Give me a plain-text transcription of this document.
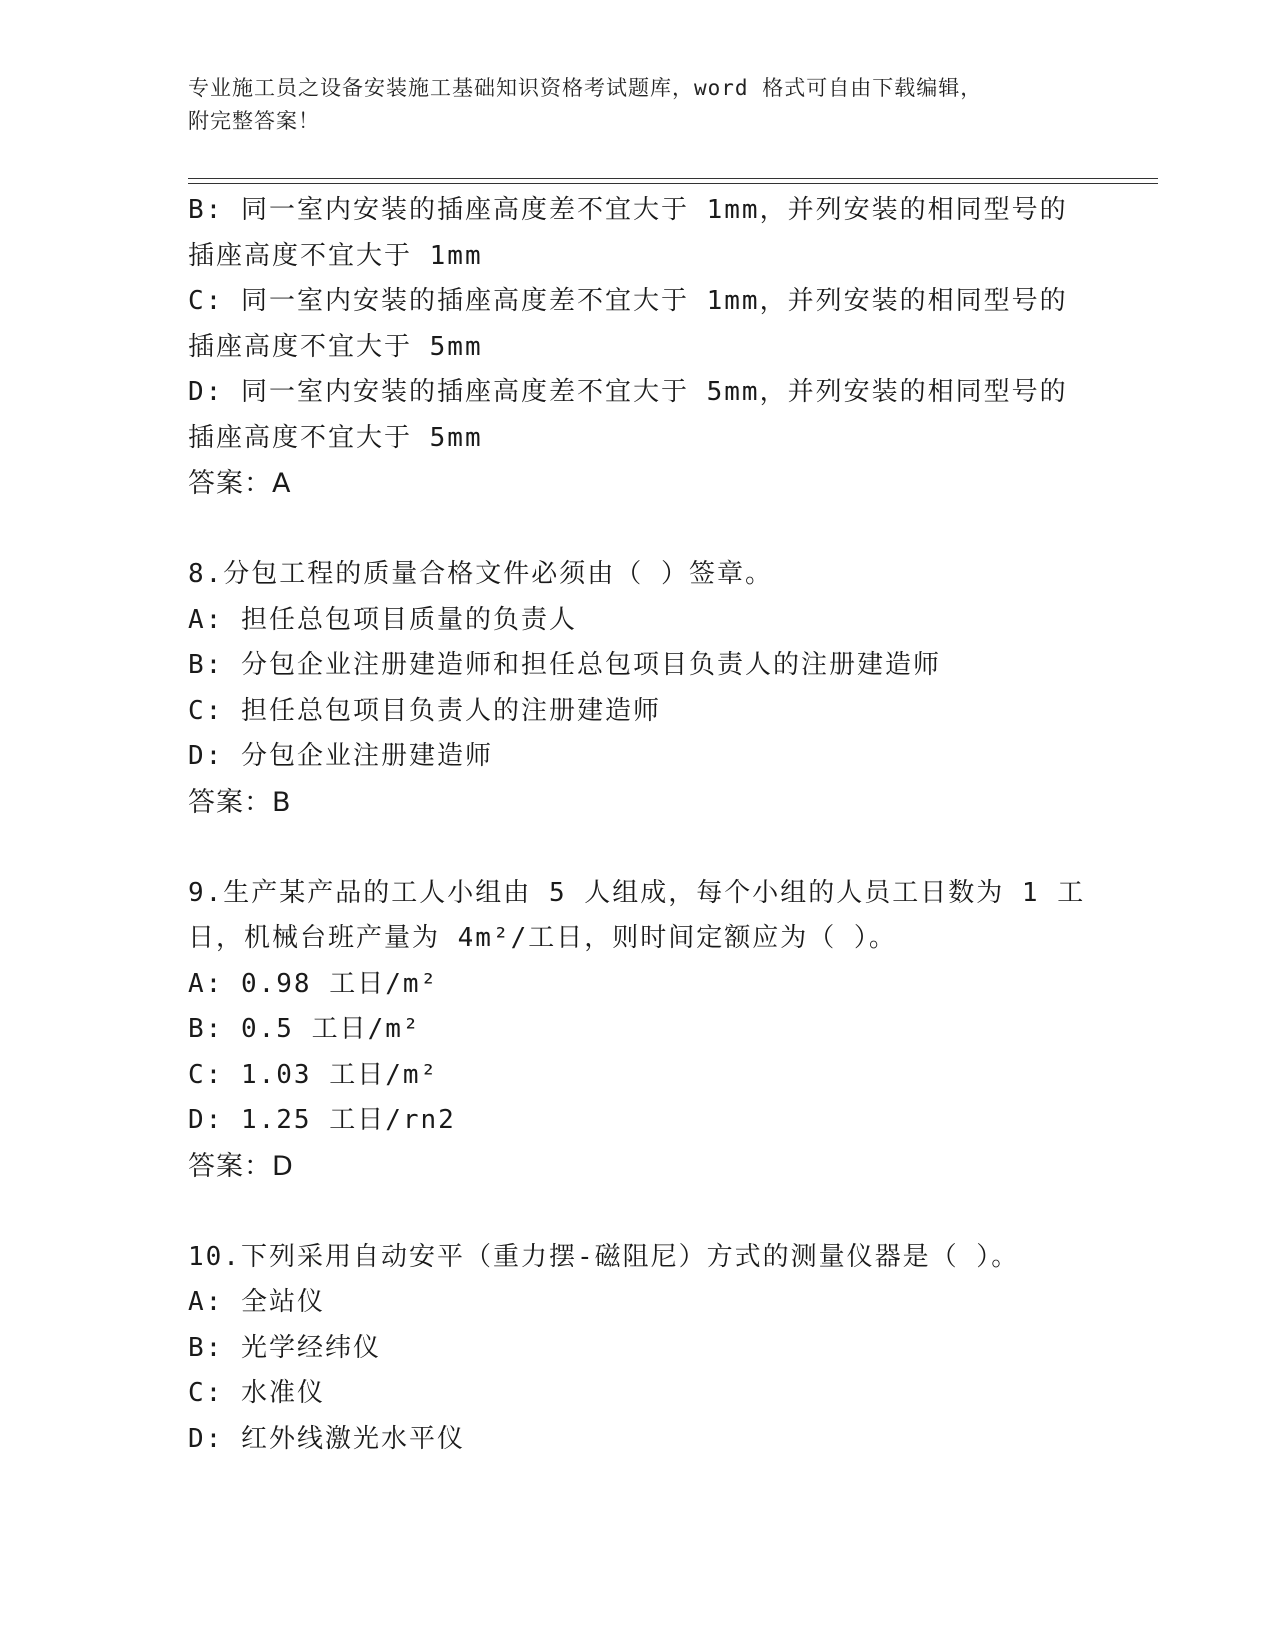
专业施工员之设备安装施工基础知识资格考试题库，word 格式可自由下载编辑，
附完整答案！
B: 同一室内安装的插座高度差不宜大于 1mm，并列安装的相同型号的
插座高度不宜大于 1mm
C: 同一室内安装的插座高度差不宜大于 1mm，并列安装的相同型号的
插座高度不宜大于 5mm
D: 同一室内安装的插座高度差不宜大于 5mm，并列安装的相同型号的
插座高度不宜大于 5mm
答案：A
8.分包工程的质量合格文件必须由（ ）签章。
A: 担任总包项目质量的负责人
B: 分包企业注册建造师和担任总包项目负责人的注册建造师
C: 担任总包项目负责人的注册建造师
D: 分包企业注册建造师
答案：B
9.生产某产品的工人小组由 5 人组成，每个小组的人员工日数为 1 工
日，机械台班产量为 4m²/工日，则时间定额应为（ ）。
A: 0.98 工日/m²
B: 0.5 工日/m²
C: 1.03 工日/m²
D: 1.25 工日/rn2
答案：D
10.下列采用自动安平（重力摆-磁阻尼）方式的测量仪器是（ ）。
A: 全站仪
B: 光学经纬仪
C: 水准仪
D: 红外线激光水平仪
